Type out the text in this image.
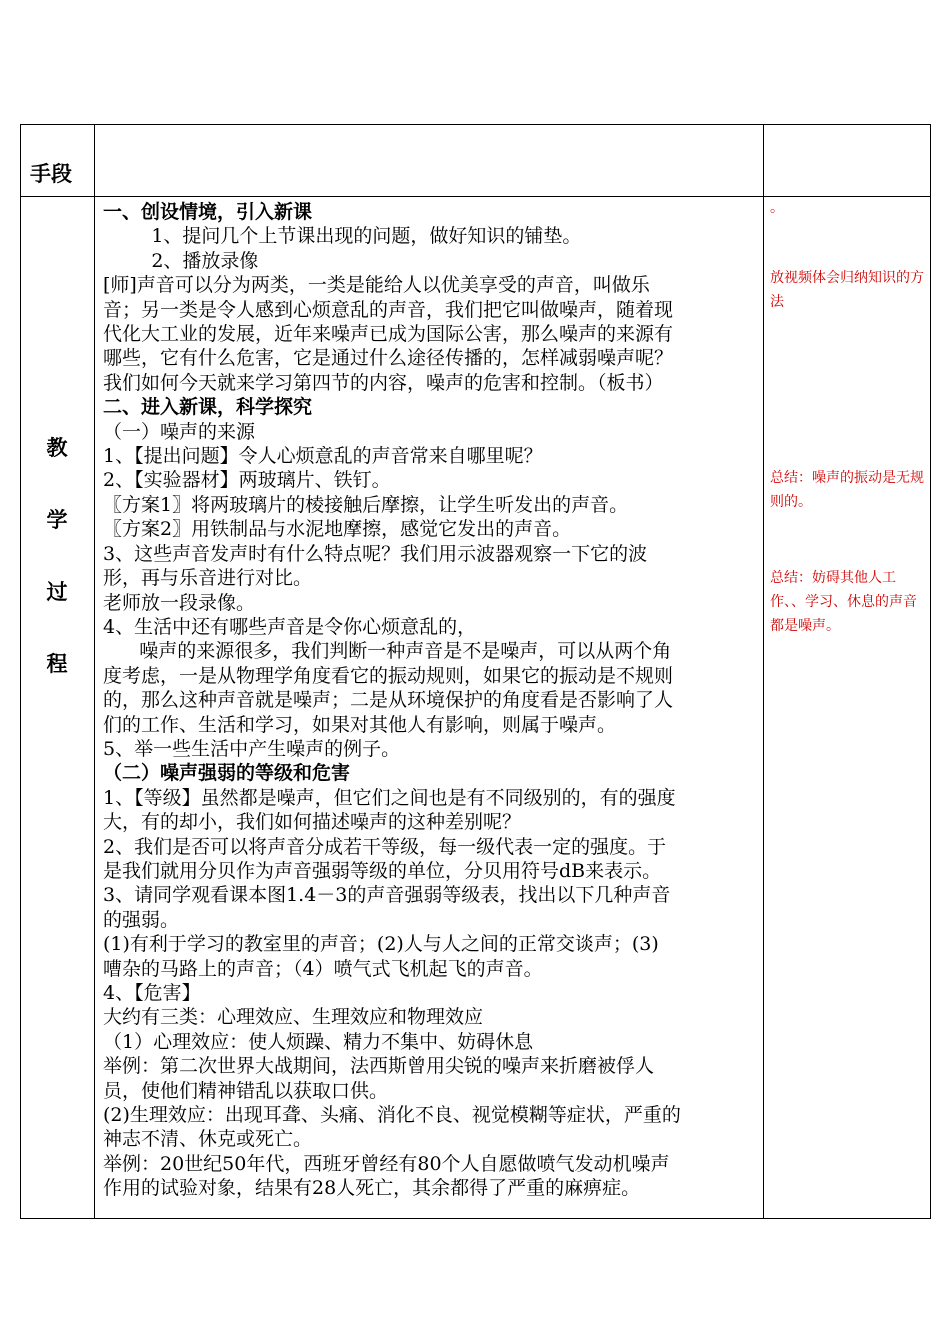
手段
教
学
过
程
一、创设情境，引入新课
1、提问几个上节课出现的问题，做好知识的铺垫。
2、播放录像
[师]声音可以分为两类，一类是能给人以优美享受的声音，叫做乐
音；另一类是令人感到心烦意乱的声音，我们把它叫做噪声，随着现
代化大工业的发展，近年来噪声已成为国际公害，那么噪声的来源有
哪些，它有什么危害，它是通过什么途径传播的，怎样减弱噪声呢？
我们如何今天就来学习第四节的内容，噪声的危害和控制。（板书）
二、进入新课，科学探究
（一）噪声的来源
1、【提出问题】令人心烦意乱的声音常来自哪里呢？
2、【实验器材】两玻璃片、铁钉。
〖方案1〗将两玻璃片的棱接触后摩擦，让学生听发出的声音。
〖方案2〗用铁制品与水泥地摩擦，感觉它发出的声音。
3、这些声音发声时有什么特点呢？我们用示波器观察一下它的波
形，再与乐音进行对比。
老师放一段录像。
4、生活中还有哪些声音是令你心烦意乱的，
噪声的来源很多，我们判断一种声音是不是噪声，可以从两个角
度考虑，一是从物理学角度看它的振动规则，如果它的振动是不规则
的，那么这种声音就是噪声；二是从环境保护的角度看是否影响了人
们的工作、生活和学习，如果对其他人有影响，则属于噪声。
5、举一些生活中产生噪声的例子。
（二）噪声强弱的等级和危害
1、【等级】虽然都是噪声，但它们之间也是有不同级别的，有的强度
大，有的却小，我们如何描述噪声的这种差别呢？
2、我们是否可以将声音分成若干等级，每一级代表一定的强度。于
是我们就用分贝作为声音强弱等级的单位，分贝用符号dB来表示。
3、请同学观看课本图1.4－3的声音强弱等级表，找出以下几种声音
的强弱。
(1)有利于学习的教室里的声音；(2)人与人之间的正常交谈声；(3)
嘈杂的马路上的声音；（4）喷气式飞机起飞的声音。
4、【危害】
大约有三类：心理效应、生理效应和物理效应
（1）心理效应：使人烦躁、精力不集中、妨碍休息
举例：第二次世界大战期间，法西斯曾用尖锐的噪声来折磨被俘人
员，使他们精神错乱以获取口供。
(2)生理效应：出现耳聋、头痛、消化不良、视觉模糊等症状，严重的
神志不清、休克或死亡。
举例：20世纪50年代，西班牙曾经有80个人自愿做喷气发动机噪声
作用的试验对象，结果有28人死亡，其余都得了严重的麻痹症。
。
放视频体会归纳知识的方法
总结：噪声的振动是无规则的。
总结：妨碍其他人工作、、学习、休息的声音都是噪声。
